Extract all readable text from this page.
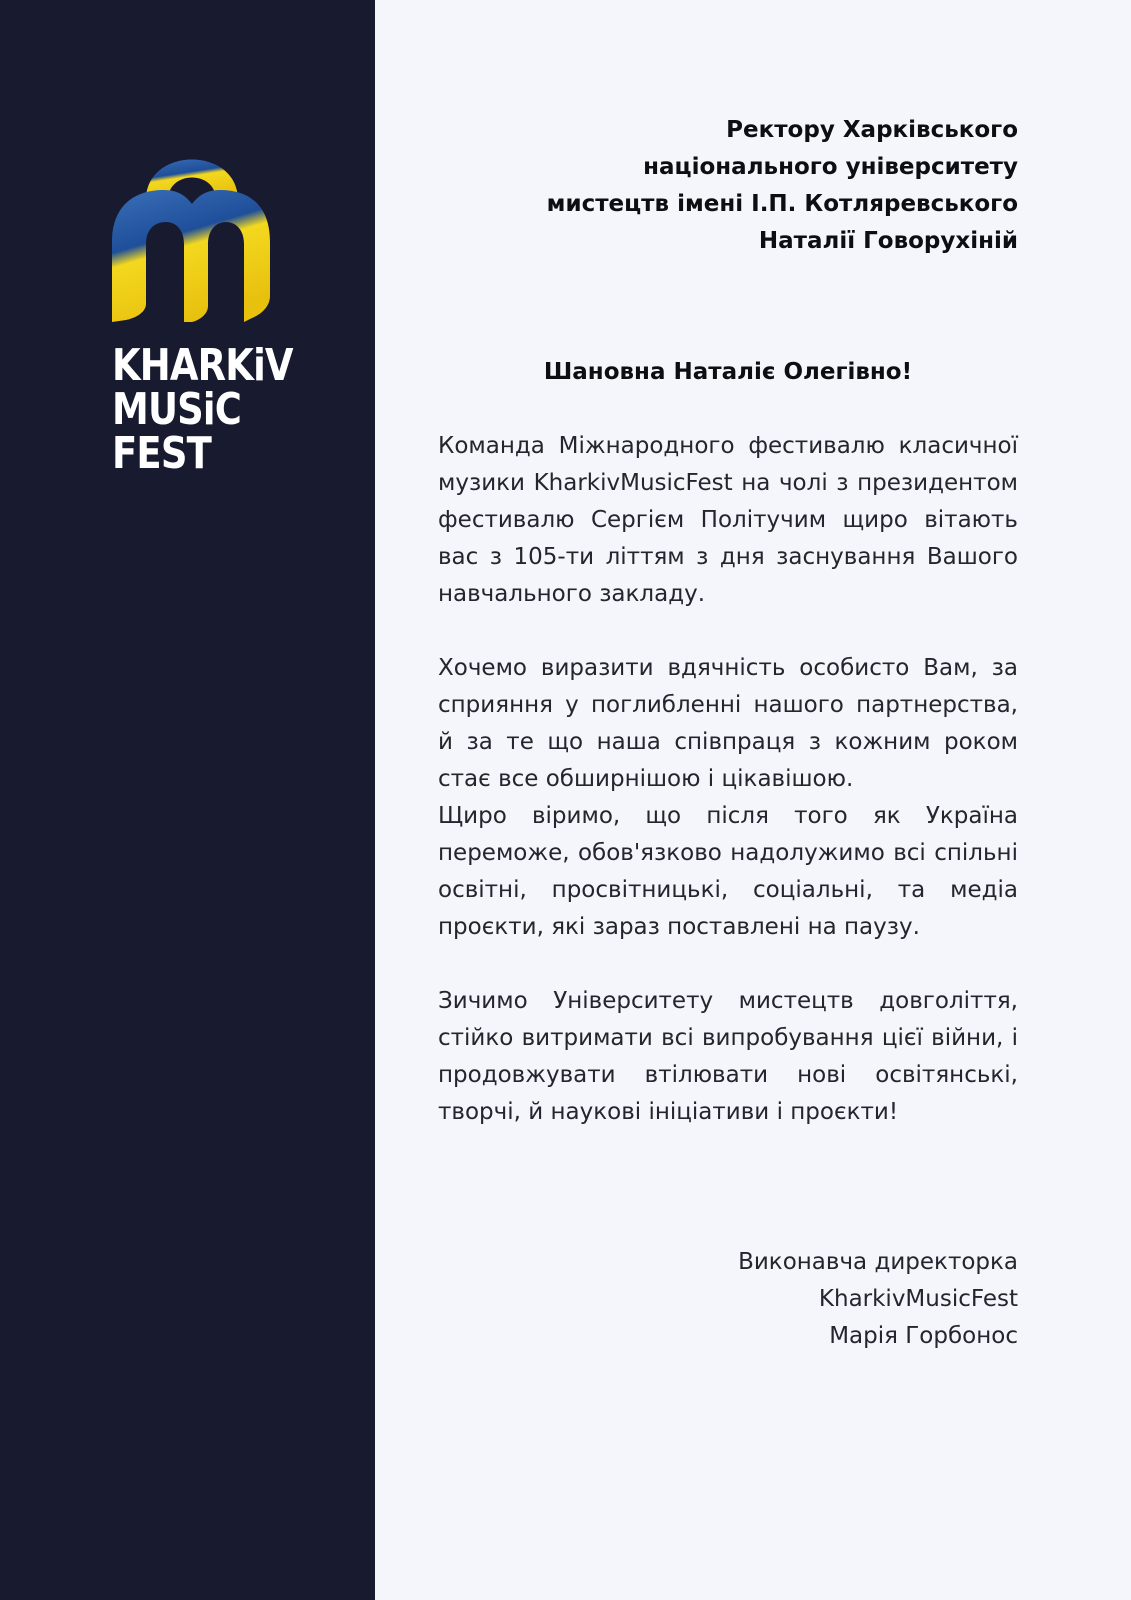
KHARKiV
MUSiC
FEST
Ректору Харківського
національного університету
мистецтв імені І.П. Котляревського
Наталії Говорухіній
Шановна Наталіє Олегівно!

Команда Міжнародного фестивалю класичної музики KharkivMusicFest на чолі з президентом фестивалю Сергієм Політучим щиро вітають вас з 105-ти літтям з дня заснування Вашого навчального закладу.

Хочемо виразити вдячність особисто Вам, за сприяння у поглибленні нашого партнерства, й за те що наша співпраця з кожним роком стає все обширнішою і цікавішою.

Щиро віримо, що після того як Україна переможе, обов'язково надолужимо всі спільні освітні, просвітницькі, соціальні, та медіа проєкти, які зараз поставлені на паузу.

Зичимо Університету мистецтв довголіття, стійко витримати всі випробування цієї війни, і продовжувати втілювати нові освітянські, творчі, й наукові ініціативи і проєкти!

Виконавча директорка
KharkivMusicFest
Марія Горбонос
